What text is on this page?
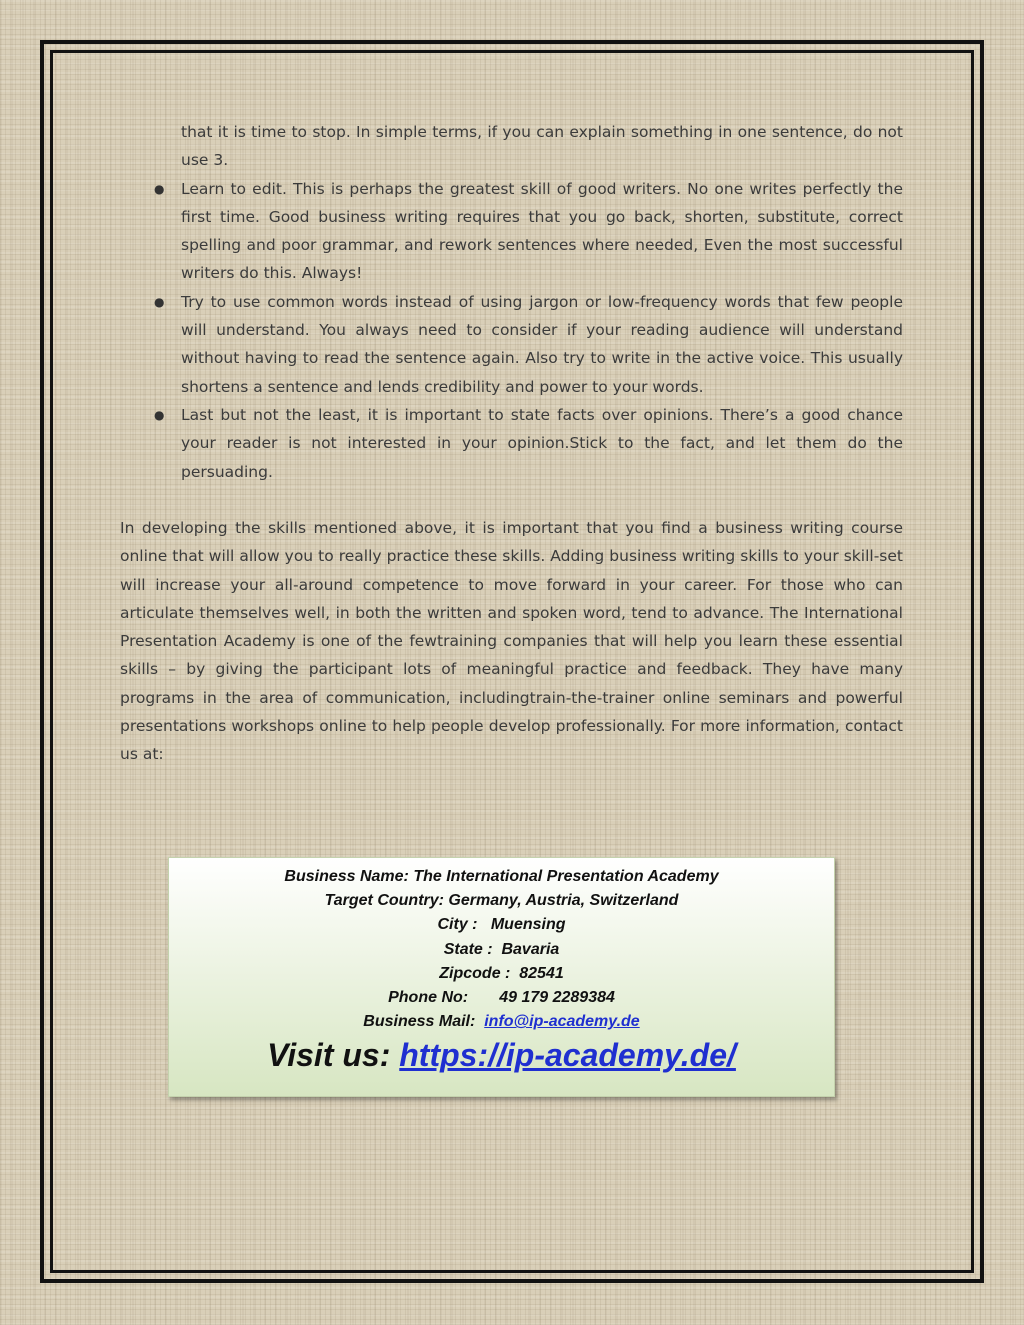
that it is time to stop. In simple terms, if you can explain something in one sentence, do not use 3.
● Learn to edit. This is perhaps the greatest skill of good writers. No one writes perfectly the first time. Good business writing requires that you go back, shorten, substitute, correct spelling and poor grammar, and rework sentences where needed, Even the most successful writers do this. Always!
● Try to use common words instead of using jargon or low-frequency words that few people will understand. You always need to consider if your reading audience will understand without having to read the sentence again. Also try to write in the active voice. This usually shortens a sentence and lends credibility and power to your words.
● Last but not the least, it is important to state facts over opinions. There’s a good chance your reader is not interested in your opinion.Stick to the fact, and let them do the persuading.

In developing the skills mentioned above, it is important that you find a business writing course online that will allow you to really practice these skills. Adding business writing skills to your skill-set will increase your all-around competence to move forward in your career. For those who can articulate themselves well, in both the written and spoken word, tend to advance. The International Presentation Academy is one of the fewtraining companies that will help you learn these essential skills – by giving the participant lots of meaningful practice and feedback. They have many programs in the area of communication, includingtrain-the-trainer online seminars and powerful presentations workshops online to help people develop professionally. For more information, contact us at:

Business Name: The International Presentation Academy
Target Country: Germany, Austria, Switzerland
City :   Muensing
State :  Bavaria
Zipcode :  82541
Phone No:       49 179 2289384
Business Mail:  info@ip-academy.de
Visit us: https://ip-academy.de/
